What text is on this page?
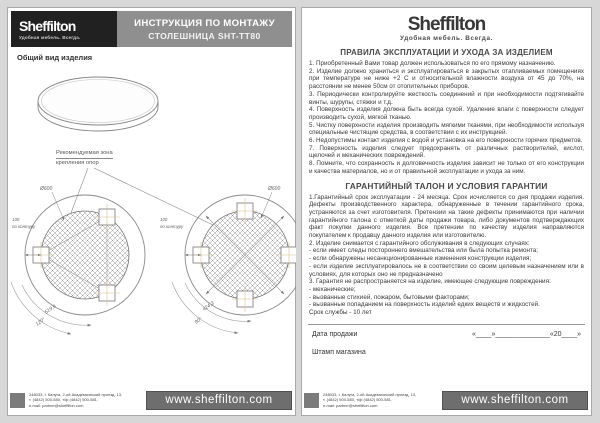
Sheffilton
Удобная мебель. Всегда.
ИНСТРУКЦИЯ ПО МОНТАЖУ
СТОЛЕШНИЦА SHT-TT80
Общий вид изделия
Рекомендуемая зона
крепления опор
Ø600
100
по контуру
519,6
120°
Ø600
100
по контуру
424,3
90°
248033, г. Калуга, 2-ой Академический проезд, 13,
т. (4842) 500-580, т/ф (4842) 500-581,
e-mail: partner@sheffilton.com	www.sheffilton.com
Sheffilton
Удобная мебель. Всегда.
ПРАВИЛА ЭКСПЛУАТАЦИИ И УХОДА ЗА ИЗДЕЛИЕМ
1. Приобретенный Вами товар должен использоваться по его прямому назначению.
2. Изделие должно храниться и эксплуатироваться в закрытых отапливаемых помещениях при температуре не ниже +2 С и относительной влажности воздуха от 45 до 70%, на расстоянии не менее 50см от отопительных приборов.
3. Периодически контролируйте жесткость соединений и при необходимости подтягивайте винты, шурупы, стяжки и т.д.
4. Поверхность изделия должна быть всегда сухой. Удаление влаги с поверхности следует производить сухой, мягкой тканью.
5. Чистку поверхности изделия производить мягкими тканями, при необходимости используя специальные чистящие средства, в соответствии с их инструкцией.
6. Недопустимы контакт изделия с водой и установка на его поверхности горячих предметов.
7. Поверхность изделия следует предохранять от различных растворителей, кислот, щелочей и механических повреждений.
8. Помните, что сохранность и долговечность изделия зависит не только от его конструкции и качества материалов, но и от правильной эксплуатации и ухода за ним.
ГАРАНТИЙНЫЙ ТАЛОН И УСЛОВИЯ ГАРАНТИИ
1.Гарантийный срок эксплуатации - 24 месяца. Срок исчисляется со дня продажи изделия. Дефекты производственного характера, обнаруженные в течении гарантийного срока, устраняются за счет изготовителя. Претензии на такие дефекты принимаются при наличии гарантийного талона с отметкой даты продажи товара, либо документов подтверждающих факт покупки данного изделия. Все претензии по качеству изделия направляются покупателем к продавцу данного изделия или изготовителю.
2. Изделие снимается с гарантийного обслуживания в следующих случаях:
- если имеет следы постороннего вмешательства или была попытка ремонта;
- если обнаружены несанкционированные изменения конструкции изделия;
- если изделие эксплуатировалось не в соответствии со своим целевым назначением или в условиях, для которых оно не предназначено
3. Гарантия не распространяется на изделие, имеющее следующие повреждения:
- механические;
- вызванные стихией, пожаром, бытовыми факторами;
- вызванные попаданием на поверхность изделий едких веществ и жидкостей.
Срок службы - 10 лет
Дата продажи	«____»______________«20____»
Штамп магазина
248033, г. Калуга, 2-ой Академический проезд, 13,
т. (4842) 500-580, т/ф (4842) 500-581,
e-mail: partner@sheffilton.com	www.sheffilton.com
